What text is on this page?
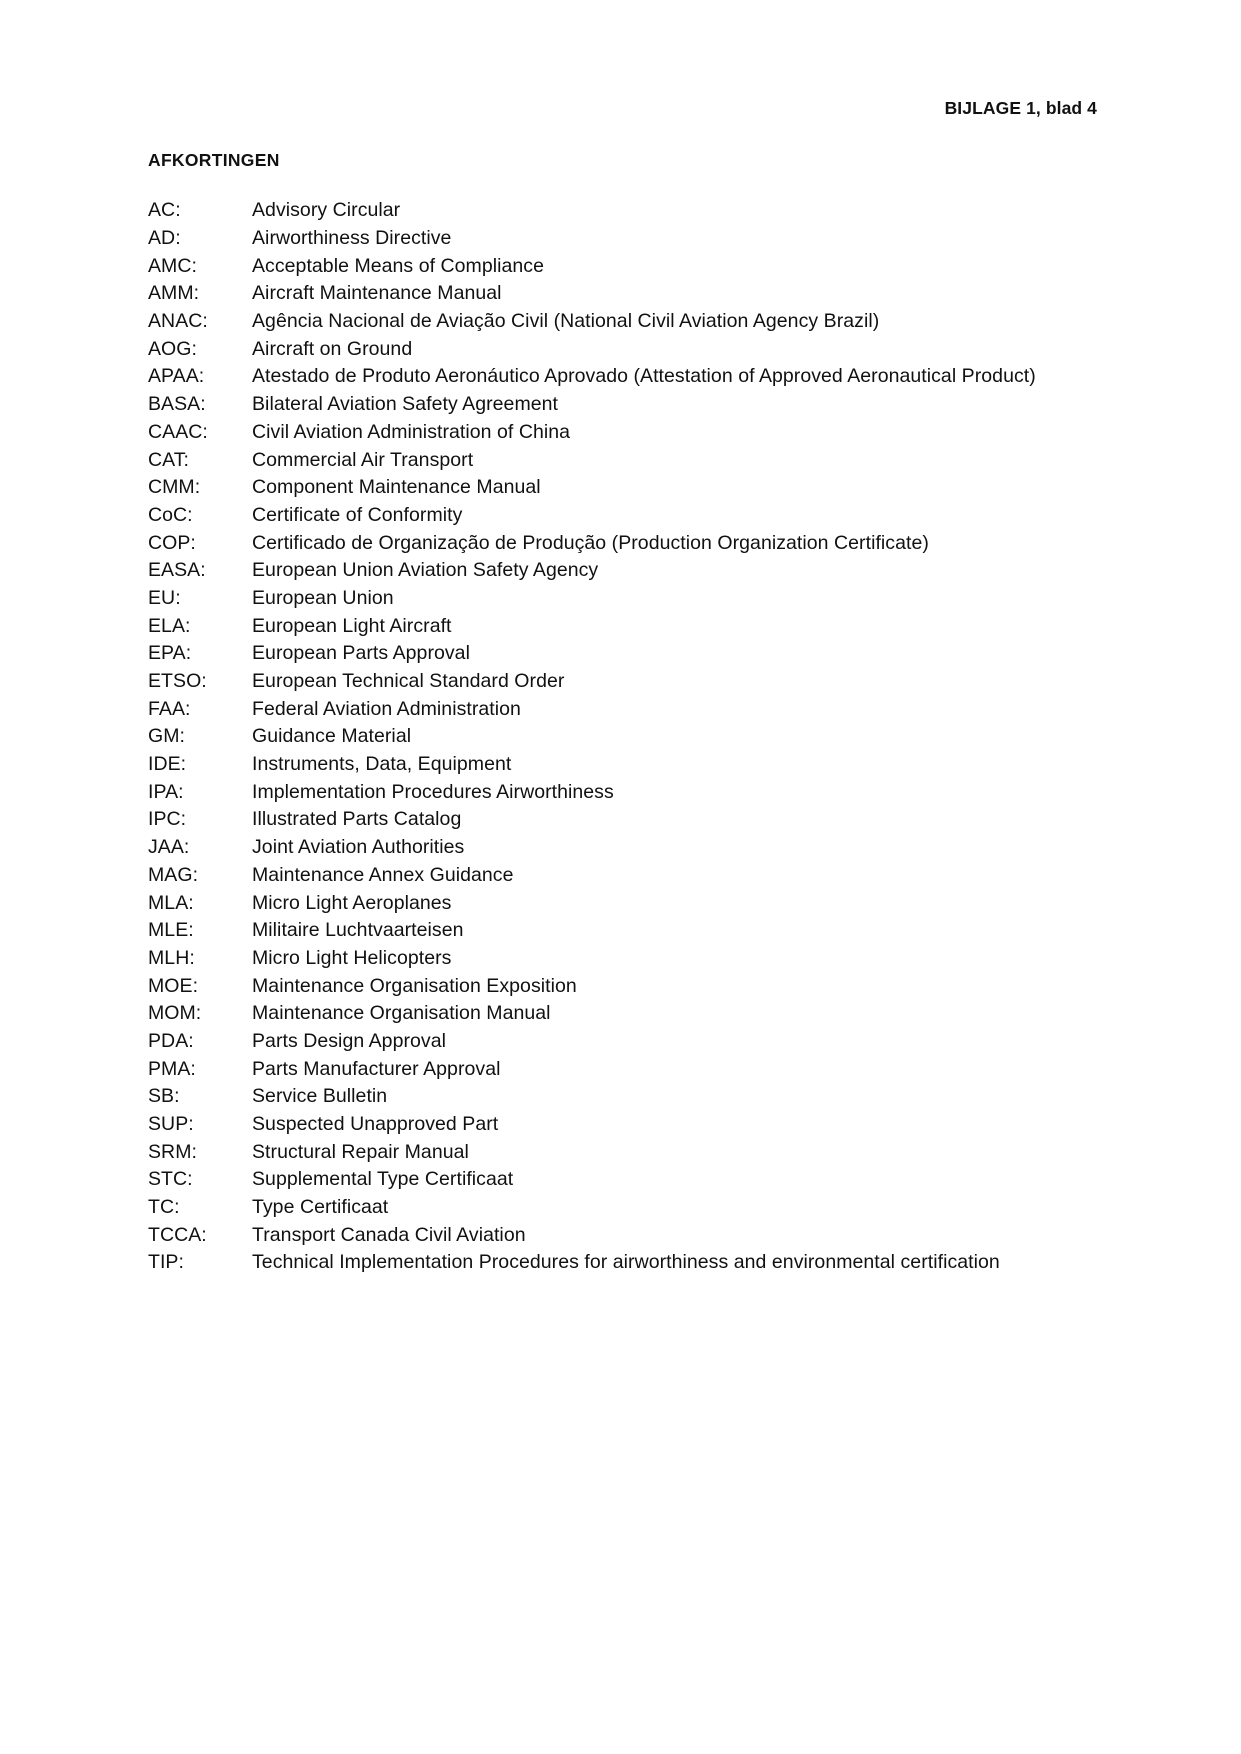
BIJLAGE 1, blad 4
AFKORTINGEN
AC:	Advisory Circular
AD:	Airworthiness Directive
AMC:	Acceptable Means of Compliance
AMM:	Aircraft Maintenance Manual
ANAC:	Agência Nacional de Aviação Civil (National Civil Aviation Agency Brazil)
AOG:	Aircraft on Ground
APAA:	Atestado de Produto Aeronáutico Aprovado (Attestation of Approved Aeronautical Product)
BASA:	Bilateral Aviation Safety Agreement
CAAC:	Civil Aviation Administration of China
CAT:	Commercial Air Transport
CMM:	Component Maintenance Manual
CoC:	Certificate of Conformity
COP:	Certificado de Organização de Produção (Production Organization Certificate)
EASA:	European Union Aviation Safety Agency
EU:	European Union
ELA:	European Light Aircraft
EPA:	European Parts Approval
ETSO:	European Technical Standard Order
FAA:	Federal Aviation Administration
GM:	Guidance Material
IDE:	Instruments, Data, Equipment
IPA:	Implementation Procedures Airworthiness
IPC:	Illustrated Parts Catalog
JAA:	Joint Aviation Authorities
MAG:	Maintenance Annex Guidance
MLA:	Micro Light Aeroplanes
MLE:	Militaire Luchtvaarteisen
MLH:	Micro Light Helicopters
MOE:	Maintenance Organisation Exposition
MOM:	Maintenance Organisation Manual
PDA:	Parts Design Approval
PMA:	Parts Manufacturer Approval
SB:	Service Bulletin
SUP:	Suspected Unapproved Part
SRM:	Structural Repair Manual
STC:	Supplemental Type Certificaat
TC:	Type Certificaat
TCCA:	Transport Canada Civil Aviation
TIP:	Technical Implementation Procedures for airworthiness and environmental certification
